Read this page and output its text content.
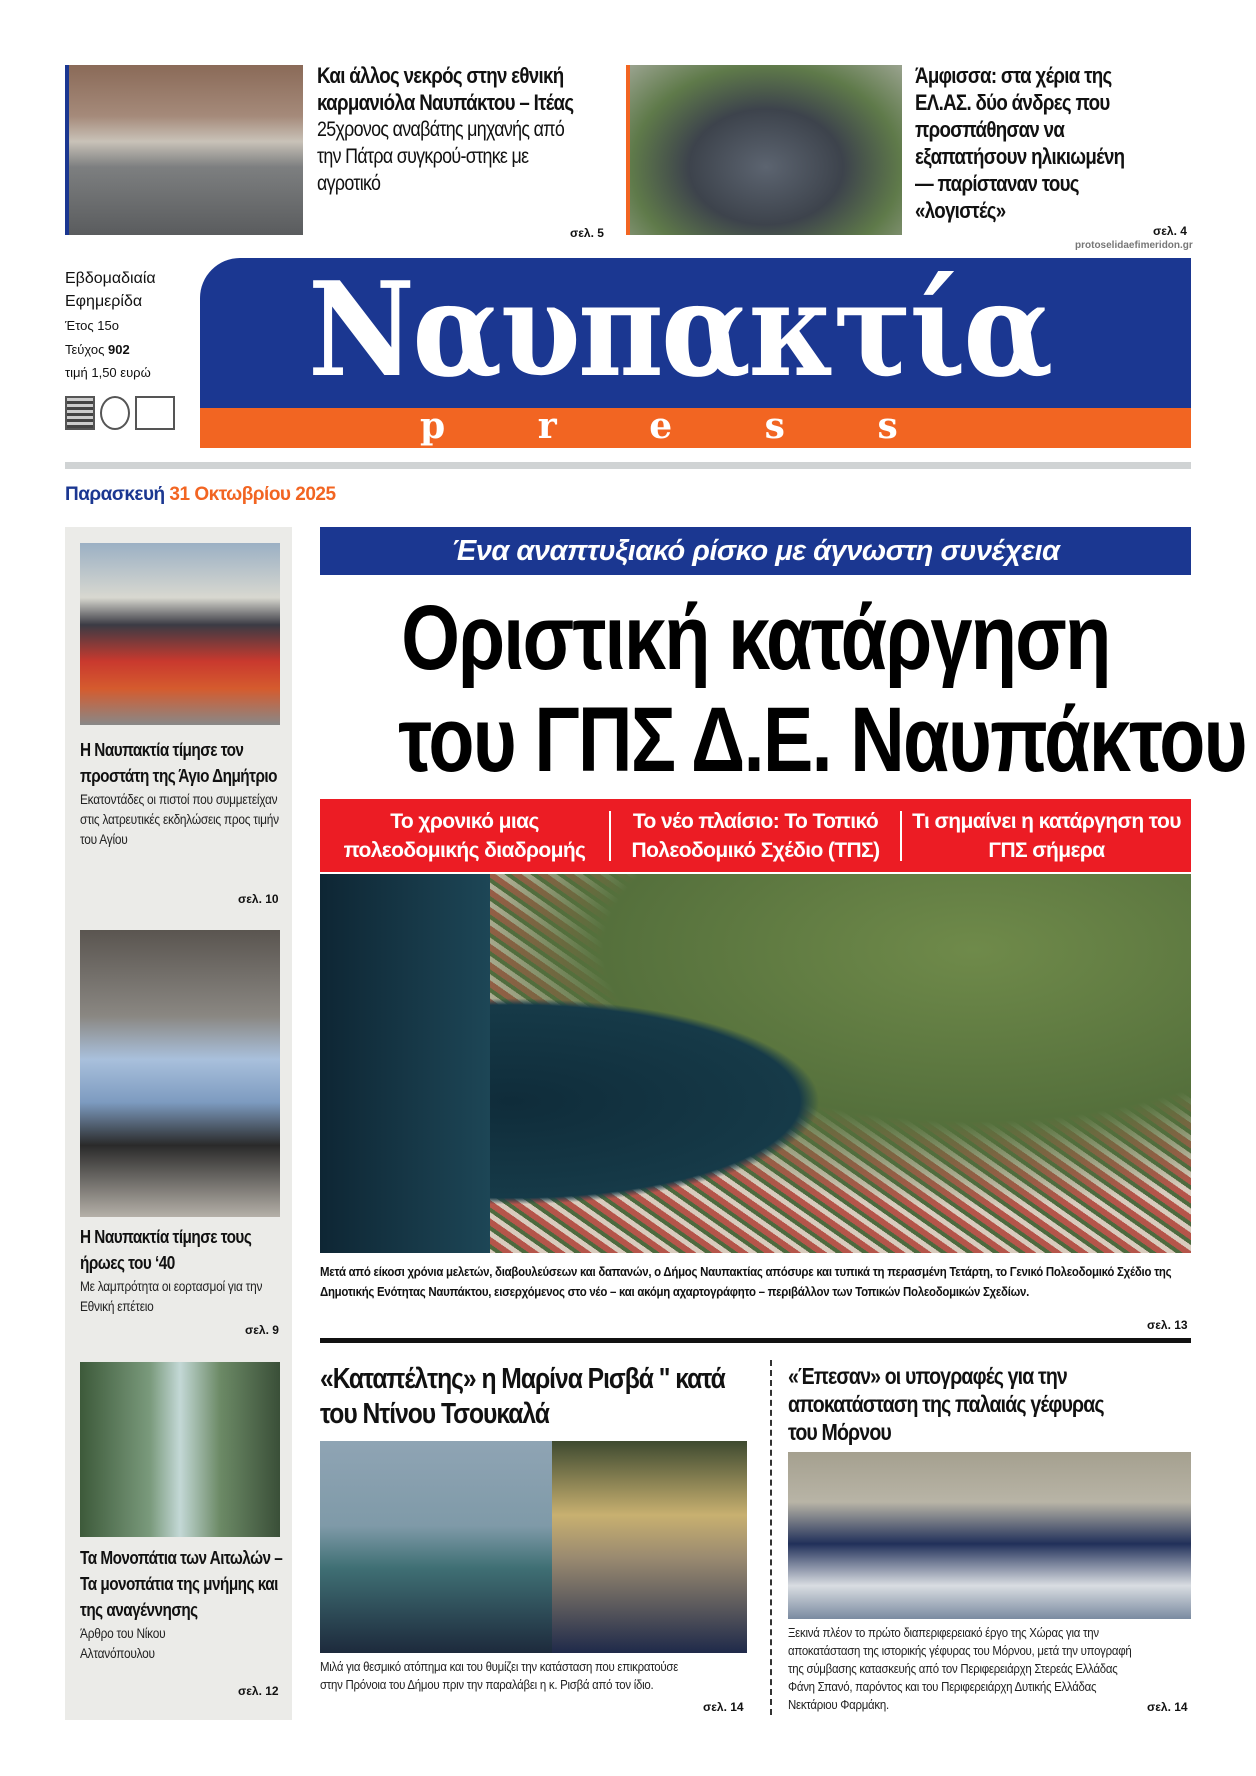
Και άλλος νεκρός στην εθνική καρμανιόλα Ναυπάκτου – Ιτέας
25χρονος αναβάτης μηχανής από την Πάτρα συγκρού-στηκε με αγροτικό
σελ. 5
Άμφισσα: στα χέρια της ΕΛ.ΑΣ. δύο άνδρες που προσπάθησαν να εξαπατήσουν ηλικιωμένη — παρίσταναν τους «λογιστές»
σελ. 4
protoselidaefimeridon.gr
Εβδομαδιαία
Εφημερίδα
Έτος 15ο
Τεύχος 902
τιμή 1,50 ευρώ	Ναυπακτία
p r e s s
Παρασκευή 31 Οκτωβρίου 2025
Η Ναυπακτία τίμησε τον προστάτη της Άγιο Δημήτριο
Εκατοντάδες οι πιστοί που συμμετείχαν στις λατρευτικές εκδηλώσεις προς τιμήν του Αγίου
σελ. 10
Η Ναυπακτία τίμησε τους ήρωες του ‘40
Με λαμπρότητα οι εορτασμοί για την Εθνική επέτειο
σελ. 9
Τα Μονοπάτια των Αιτωλών – Τα μονοπάτια της μνήμης και της αναγέννησης
Άρθρο του Νίκου Αλτανόπουλου
σελ. 12
Ένα αναπτυξιακό ρίσκο με άγνωστη συνέχεια
Οριστική κατάργηση
του ΓΠΣ Δ.Ε. Ναυπάκτου
Το χρονικό μιας πολεοδομικής διαδρομής
Το νέο πλαίσιο: Το Τοπικό Πολεοδομικό Σχέδιο (ΤΠΣ)
Τι σημαίνει η κατάργηση του ΓΠΣ σήμερα
Μετά από είκοσι χρόνια μελετών, διαβουλεύσεων και δαπανών, ο Δήμος Ναυπακτίας απόσυρε και τυπικά τη περασμένη Τετάρτη, το Γενικό Πολεοδομικό Σχέδιο της Δημοτικής Ενότητας Ναυπάκτου, εισερχόμενος στο νέο – και ακόμη αχαρτογράφητο – περιβάλλον των Τοπικών Πολεοδομικών Σχεδίων.
σελ. 13
«Καταπέλτης» η Μαρίνα Ρισβά " κατά του Ντίνου Τσουκαλά
Μιλά για θεσμικό ατόπημα και του θυμίζει την κατάσταση που επικρατούσε στην Πρόνοια του Δήμου πριν την παραλάβει η κ. Ρισβά από τον ίδιο.
σελ. 14
«Έπεσαν» οι υπογραφές για την αποκατάσταση της παλαιάς γέφυρας του Μόρνου
Ξεκινά πλέον το πρώτο διαπεριφερειακό έργο της Χώρας για την αποκατάσταση της ιστορικής γέφυρας του Μόρνου, μετά την υπογραφή της σύμβασης κατασκευής από τον Περιφερειάρχη Στερεάς Ελλάδας Φάνη Σπανό, παρόντος και του Περιφερειάρχη Δυτικής Ελλάδας Νεκτάριου Φαρμάκη.	σελ. 14
